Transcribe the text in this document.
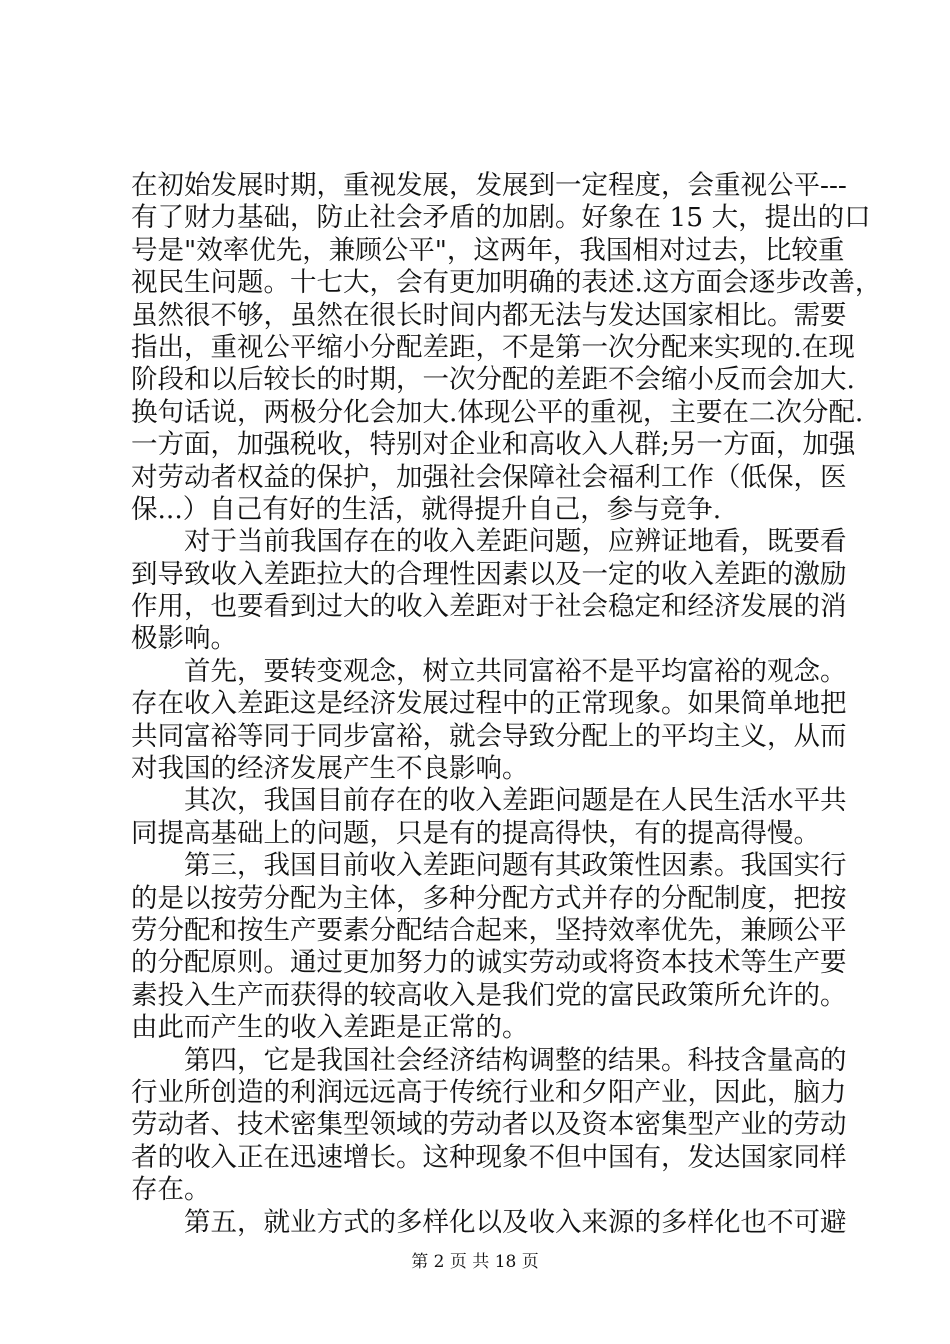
在初始发展时期，重视发展，发展到一定程度，会重视公平---
有了财力基础，防止社会矛盾的加剧。好象在 15 大，提出的口
号是"效率优先，兼顾公平"，这两年，我国相对过去，比较重
视民生问题。十七大，会有更加明确的表述.这方面会逐步改善，
虽然很不够，虽然在很长时间内都无法与发达国家相比。需要
指出，重视公平缩小分配差距，不是第一次分配来实现的.在现
阶段和以后较长的时期，一次分配的差距不会缩小反而会加大.
换句话说，两极分化会加大.体现公平的重视，主要在二次分配.
一方面，加强税收，特别对企业和高收入人群;另一方面，加强
对劳动者权益的保护，加强社会保障社会福利工作（低保，医
保...）自己有好的生活，就得提升自己，参与竞争.
　　对于当前我国存在的收入差距问题，应辨证地看，既要看
到导致收入差距拉大的合理性因素以及一定的收入差距的激励
作用，也要看到过大的收入差距对于社会稳定和经济发展的消
极影响。
　　首先，要转变观念，树立共同富裕不是平均富裕的观念。
存在收入差距这是经济发展过程中的正常现象。如果简单地把
共同富裕等同于同步富裕，就会导致分配上的平均主义，从而
对我国的经济发展产生不良影响。
　　其次，我国目前存在的收入差距问题是在人民生活水平共
同提高基础上的问题，只是有的提高得快，有的提高得慢。
　　第三，我国目前收入差距问题有其政策性因素。我国实行
的是以按劳分配为主体，多种分配方式并存的分配制度，把按
劳分配和按生产要素分配结合起来，坚持效率优先，兼顾公平
的分配原则。通过更加努力的诚实劳动或将资本技术等生产要
素投入生产而获得的较高收入是我们党的富民政策所允许的。
由此而产生的收入差距是正常的。
　　第四，它是我国社会经济结构调整的结果。科技含量高的
行业所创造的利润远远高于传统行业和夕阳产业，因此，脑力
劳动者、技术密集型领域的劳动者以及资本密集型产业的劳动
者的收入正在迅速增长。这种现象不但中国有，发达国家同样
存在。
　　第五，就业方式的多样化以及收入来源的多样化也不可避
第 2 页 共 18 页
